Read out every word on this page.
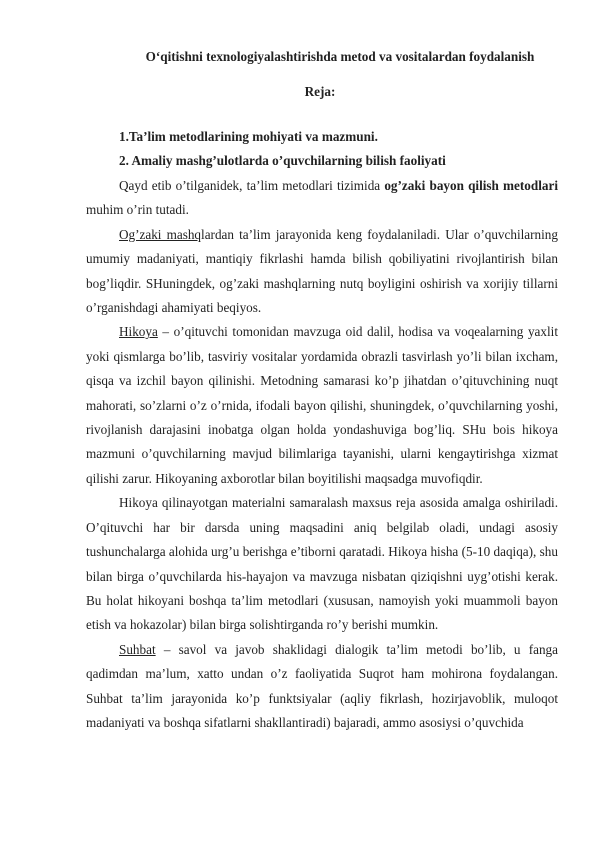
O‘qitishni texnologiyalashtirishda metod va vositalardan foydalanish

Reja:

1.Ta’lim metodlarining mohiyati va mazmuni.

2. Amaliy mashg’ulotlarda o’quvchilarning bilish faoliyati

Qayd etib o’tilganidek, ta’lim metodlari tizimida og’zaki bayon qilish metodlari muhim o’rin tutadi.

Og’zaki mashqlardan ta’lim jarayonida keng foydalaniladi. Ular o’quvchilarning umumiy madaniyati, mantiqiy fikrlashi hamda bilish qobiliyatini rivojlantirish bilan bog’liqdir. SHuningdek, og’zaki mashqlarning nutq boyligini oshirish va xorijiy tillarni o’rganishdagi ahamiyati beqiyos.

Hikoya – o’qituvchi tomonidan mavzuga oid dalil, hodisa va voqealarning yaxlit yoki qismlarga bo’lib, tasviriy vositalar yordamida obrazli tasvirlash yo’li bilan ixcham, qisqa va izchil bayon qilinishi. Metodning samarasi ko’p jihatdan o’qituvchining nuqt mahorati, so’zlarni o’z o’rnida, ifodali bayon qilishi, shuningdek, o’quvchilarning yoshi, rivojlanish darajasini inobatga olgan holda yondashuviga bog’liq. SHu bois hikoya mazmuni o’quvchilarning mavjud bilimlariga tayanishi, ularni kengaytirishga xizmat qilishi zarur. Hikoyaning axborotlar bilan boyitilishi maqsadga muvofiqdir.

Hikoya qilinayotgan materialni samaralash maxsus reja asosida amalga oshiriladi. O’qituvchi har bir darsda uning maqsadini aniq belgilab oladi, undagi asosiy tushunchalarga alohida urg’u berishga e’tiborni qaratadi. Hikoya hisha (5-10 daqiqa), shu bilan birga o’quvchilarda his-hayajon va mavzuga nisbatan qiziqishni uyg’otishi kerak. Bu holat hikoyani boshqa ta’lim metodlari (xususan, namoyish yoki muammoli bayon etish va hokazolar) bilan birga solishtirganda ro’y berishi mumkin.

Suhbat – savol va javob shaklidagi dialogik ta’lim metodi bo’lib, u fanga qadimdan ma’lum, xatto undan o’z faoliyatida Suqrot ham mohirona foydalangan. Suhbat ta’lim jarayonida ko’p funktsiyalar (aqliy fikrlash, hozirjavoblik, muloqot madaniyati va boshqa sifatlarni shakllantiradi) bajaradi, ammo asosiysi o’quvchida
